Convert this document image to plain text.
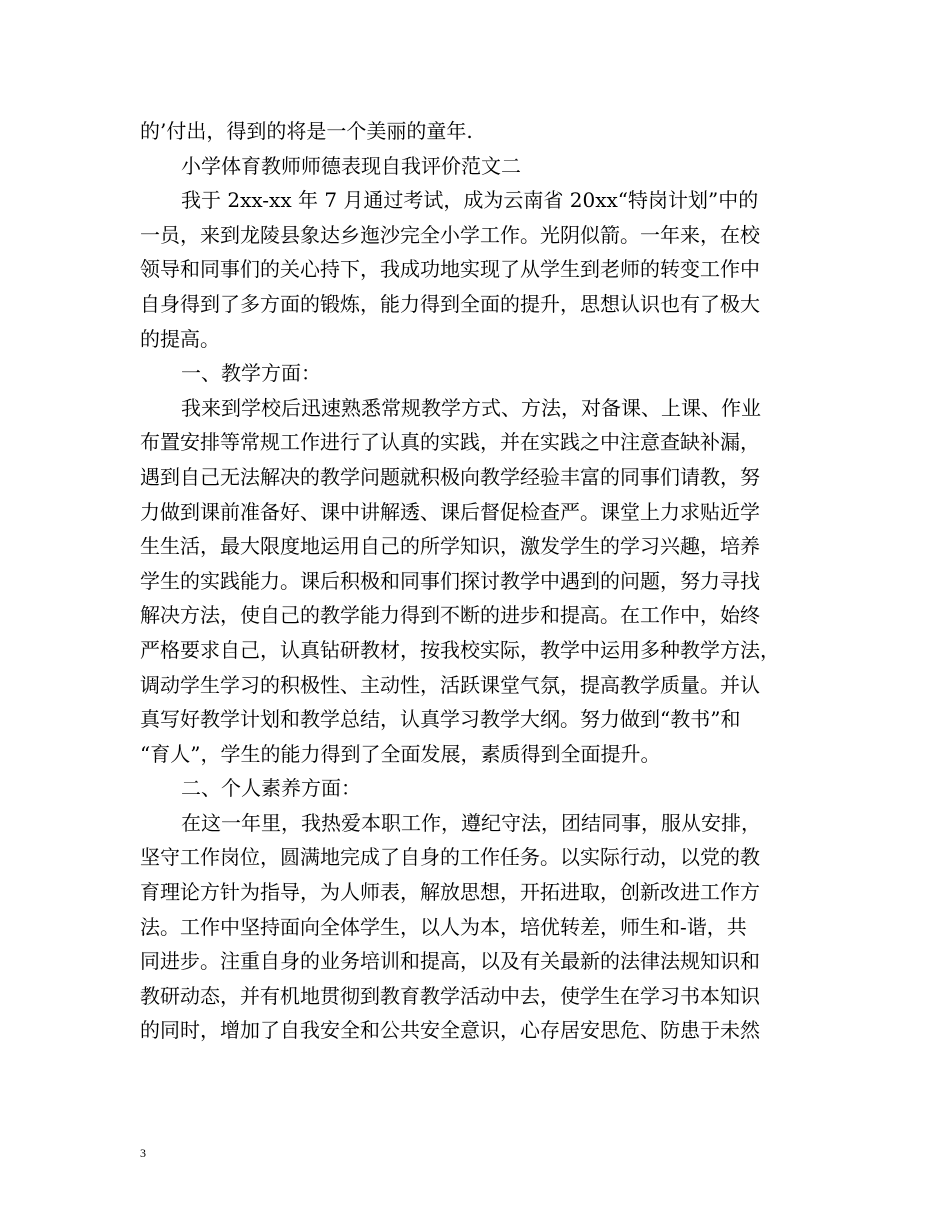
的’付出，得到的将是一个美丽的童年.

小学体育教师师德表现自我评价范文二

我于 2xx-xx 年 7 月通过考试，成为云南省 20xx“特岗计划”中的

一员，来到龙陵县象达乡迤沙完全小学工作。光阴似箭。一年来，在校

领导和同事们的关心持下，我成功地实现了从学生到老师的转变工作中

自身得到了多方面的锻炼，能力得到全面的提升，思想认识也有了极大

的提高。

一、教学方面：

我来到学校后迅速熟悉常规教学方式、方法，对备课、上课、作业

布置安排等常规工作进行了认真的实践，并在实践之中注意查缺补漏，

遇到自己无法解决的教学问题就积极向教学经验丰富的同事们请教，努

力做到课前准备好、课中讲解透、课后督促检查严。课堂上力求贴近学

生生活，最大限度地运用自己的所学知识，激发学生的学习兴趣，培养

学生的实践能力。课后积极和同事们探讨教学中遇到的问题，努力寻找

解决方法，使自己的教学能力得到不断的进步和提高。在工作中，始终

严格要求自己，认真钻研教材，按我校实际，教学中运用多种教学方法，

调动学生学习的积极性、主动性，活跃课堂气氛，提高教学质量。并认

真写好教学计划和教学总结，认真学习教学大纲。努力做到“教书”和

“育人”，学生的能力得到了全面发展，素质得到全面提升。

二、个人素养方面：

在这一年里，我热爱本职工作，遵纪守法，团结同事，服从安排，

坚守工作岗位，圆满地完成了自身的工作任务。以实际行动，以党的教

育理论方针为指导，为人师表，解放思想，开拓进取，创新改进工作方

法。工作中坚持面向全体学生，以人为本，培优转差，师生和-谐，共

同进步。注重自身的业务培训和提高，以及有关最新的法律法规知识和

教研动态，并有机地贯彻到教育教学活动中去，使学生在学习书本知识

的同时，增加了自我安全和公共安全意识，心存居安思危、防患于未然

3
